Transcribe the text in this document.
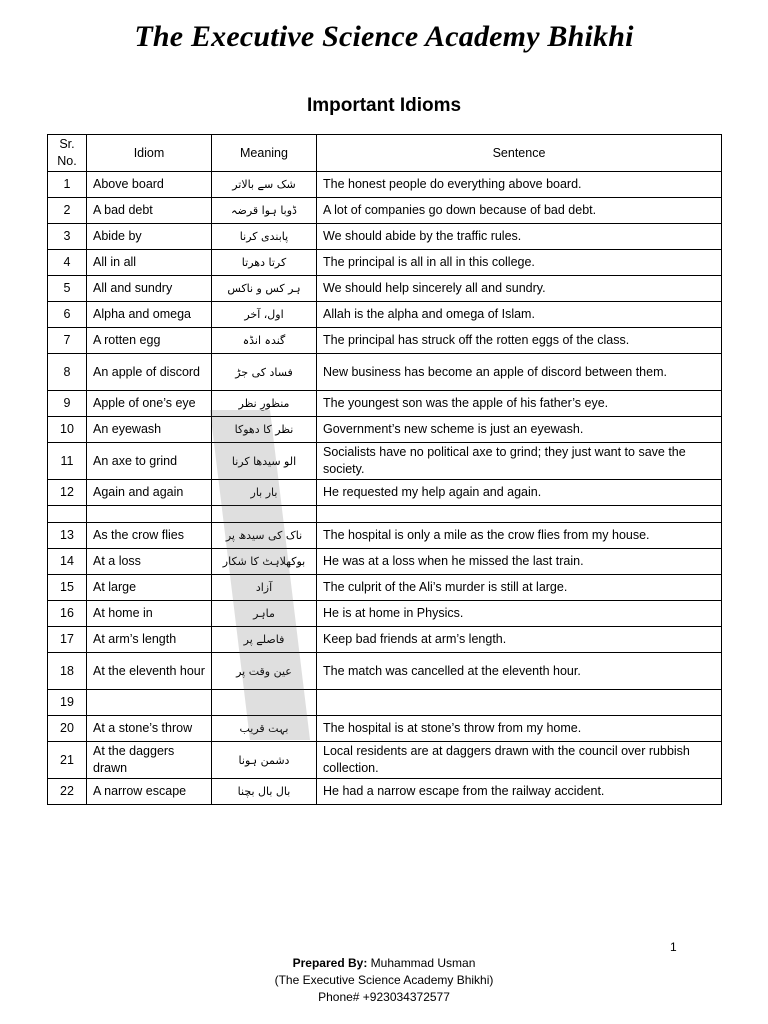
The Executive Science Academy Bhikhi
Important Idioms
Sr. No.	Idiom	Meaning	Sentence
1	Above board	شک سے بالاتر	The honest people do everything above board.
2	A bad debt	ڈوبا ہوا قرضہ	A lot of companies go down because of bad debt.
3	Abide by	پابندی کرنا	We should abide by the traffic rules.
4	All in all	کرتا دھرتا	The principal is all in all in this college.
5	All and sundry	ہر کس و ناکس	We should help sincerely all and sundry.
6	Alpha and omega	اول، آخر	Allah is the alpha and omega of Islam.
7	A rotten egg	گندہ انڈہ	The principal has struck off the rotten eggs of the class.
8	An apple of discord	فساد کی جڑ	New business has become an apple of discord between them.
9	Apple of one’s eye	منظورِ نظر	The youngest son was the apple of his father’s eye.
10	An eyewash	نظر کا دھوکا	Government’s new scheme is just an eyewash.
11	An axe to grind	الو سیدھا کرنا	Socialists have no political axe to grind; they just want to save the society.
12	Again and again	بار بار	He requested my help again and again.

13	As the crow flies	ناک کی سیدھ پر	The hospital is only a mile as the crow flies from my house.
14	At a loss	بوکھلاہٹ کا شکار	He was at a loss when he missed the last train.
15	At large	آزاد	The culprit of the Ali’s murder is still at large.
16	At home in	ماہر	He is at home in Physics.
17	At arm’s length	فاصلے پر	Keep bad friends at arm’s length.
18	At the eleventh hour	عین وقت پر	The match was cancelled at the eleventh hour.
19			
20	At a stone’s throw	بہت قریب	The hospital is at stone’s throw from my home.
21	At the daggers drawn	دشمن ہونا	Local residents are at daggers drawn with the council over rubbish collection.
22	A narrow escape	بال بال بچنا	He had a narrow escape from the railway accident.
1
Prepared By: Muhammad Usman
(The Executive Science Academy Bhikhi)
Phone# +923034372577
